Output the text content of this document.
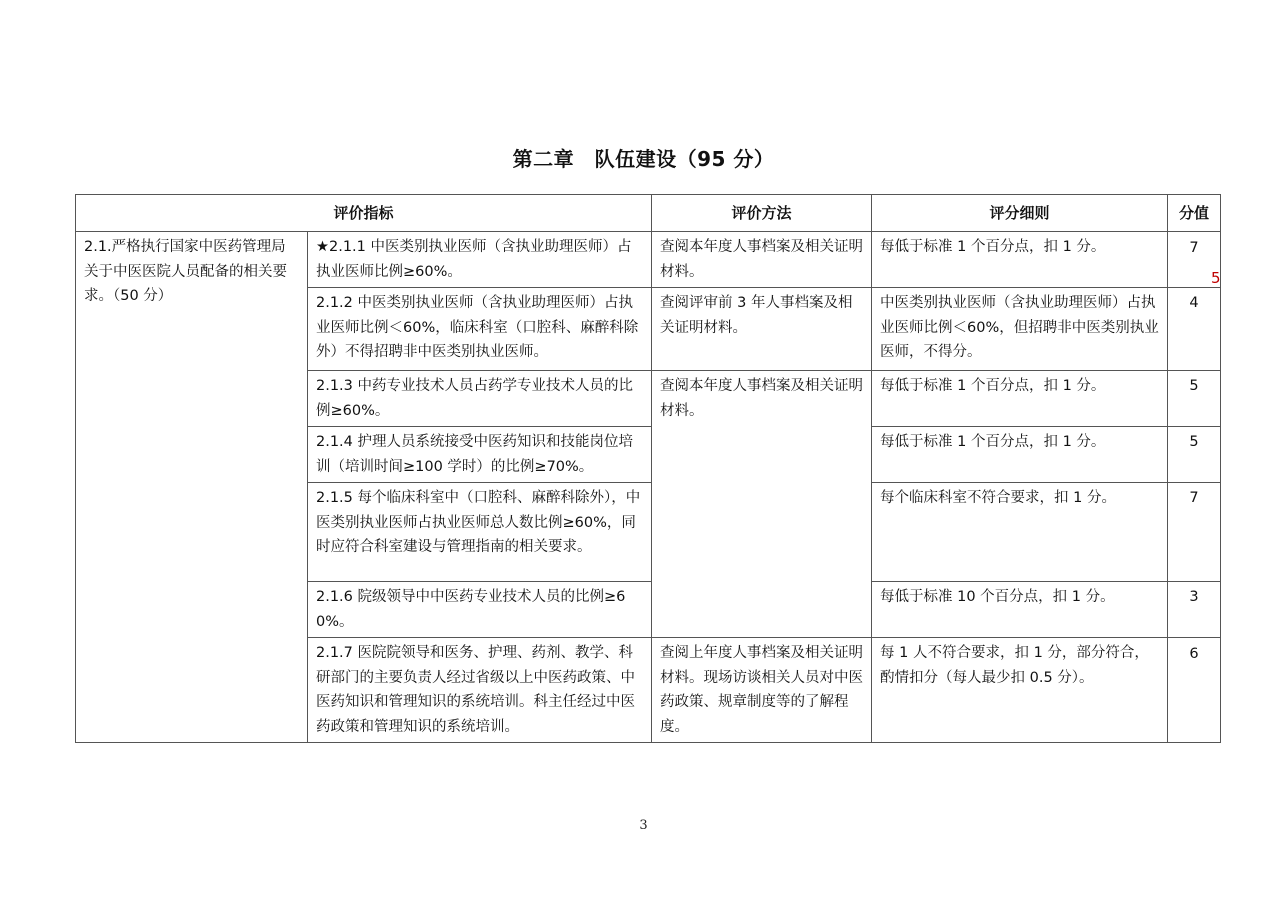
第二章　队伍建设（95 分）
评价指标		评价方法	评分细则	分值
2.1.严格执行国家中医药管理局关于中医医院人员配备的相关要求。（50 分）	★2.1.1 中医类别执业医师（含执业助理医师）占执业医师比例≥60%。	查阅本年度人事档案及相关证明材料。	每低于标准 1 个百分点，扣 1 分。	7
	2.1.2 中医类别执业医师（含执业助理医师）占执业医师比例＜60%，临床科室（口腔科、麻醉科除外）不得招聘非中医类别执业医师。	查阅评审前 3 年人事档案及相关证明材料。	中医类别执业医师（含执业助理医师）占执业医师比例＜60%，但招聘非中医类别执业医师，不得分。	4
	2.1.3 中药专业技术人员占药学专业技术人员的比例≥60%。	查阅本年度人事档案及相关证明材料。	每低于标准 1 个百分点，扣 1 分。	5
	2.1.4 护理人员系统接受中医药知识和技能岗位培训（培训时间≥100 学时）的比例≥70%。		每低于标准 1 个百分点，扣 1 分。	5
	2.1.5 每个临床科室中（口腔科、麻醉科除外），中医类别执业医师占执业医师总人数比例≥60%，同时应符合科室建设与管理指南的相关要求。		每个临床科室不符合要求，扣 1 分。	7
	2.1.6 院级领导中中医药专业技术人员的比例≥60%。		每低于标准 10 个百分点，扣 1 分。	3
	2.1.7 医院院领导和医务、护理、药剂、教学、科研部门的主要负责人经过省级以上中医药政策、中医药知识和管理知识的系统培训。科主任经过中医药政策和管理知识的系统培训。	查阅上年度人事档案及相关证明材料。现场访谈相关人员对中医药政策、规章制度等的了解程度。	每 1 人不符合要求，扣 1 分，部分符合，酌情扣分（每人最少扣 0.5 分）。	6
5
3
